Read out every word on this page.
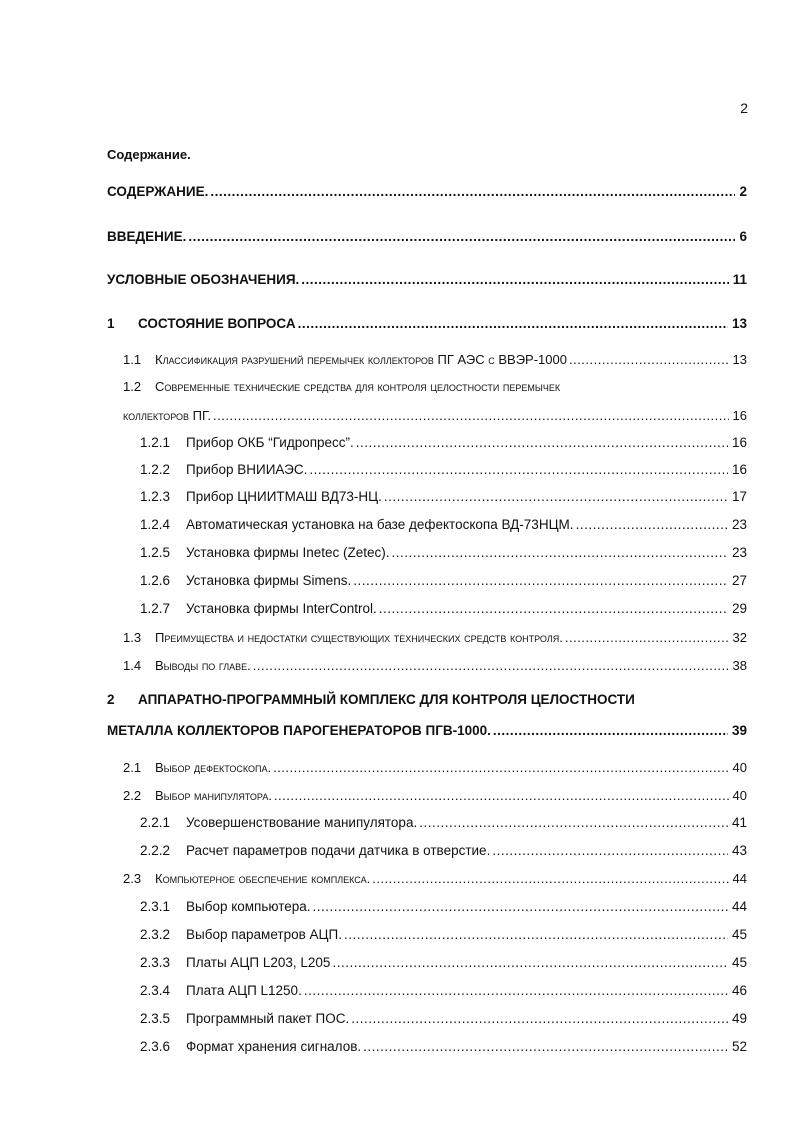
2
Содержание.
СОДЕРЖАНИЕ. .....	2
ВВЕДЕНИЕ. .....	6
УСЛОВНЫЕ ОБОЗНАЧЕНИЯ. .....	11
1	СОСТОЯНИЕ ВОПРОСА .....	13
1.1	Классификация разрушений перемычек коллекторов ПГ АЭС с ВВЭР-1000 .....	13
1.2 Современные технические средства для контроля целостности перемычек
коллекторов ПГ. .....	16
1.2.1	Прибор ОКБ “Гидропресс”. .....	16
1.2.2	Прибор ВНИИАЭС. .....	16
1.2.3	Прибор ЦНИИТМАШ ВД73-НЦ. .....	17
1.2.4	Автоматическая установка на базе дефектоскопа ВД-73НЦМ. .....	23
1.2.5	Установка фирмы Inetec (Zetec). .....	23
1.2.6	Установка фирмы Simens. .....	27
1.2.7	Установка фирмы InterControl. .....	29
1.3	Преимущества и недостатки существующих технических средств контроля. .....	32
1.4	Выводы по главе. .....	38
2 АППАРАТНО-ПРОГРАММНЫЙ КОМПЛЕКС ДЛЯ КОНТРОЛЯ ЦЕЛОСТНОСТИ
МЕТАЛЛА КОЛЛЕКТОРОВ ПАРОГЕНЕРАТОРОВ ПГВ-1000. .....	39
2.1	Выбор дефектоскопа. .....	40
2.2	Выбор манипулятора. .....	40
2.2.1	Усовершенствование манипулятора. .....	41
2.2.2	Расчет параметров подачи датчика в отверстие. .....	43
2.3	Компьютерное обеспечение комплекса. .....	44
2.3.1	Выбор компьютера. .....	44
2.3.2	Выбор параметров АЦП. .....	45
2.3.3	Платы АЦП L203, L205 .....	45
2.3.4	Плата АЦП L1250. .....	46
2.3.5	Программный пакет ПОС. .....	49
2.3.6	Формат хранения сигналов. .....	52
